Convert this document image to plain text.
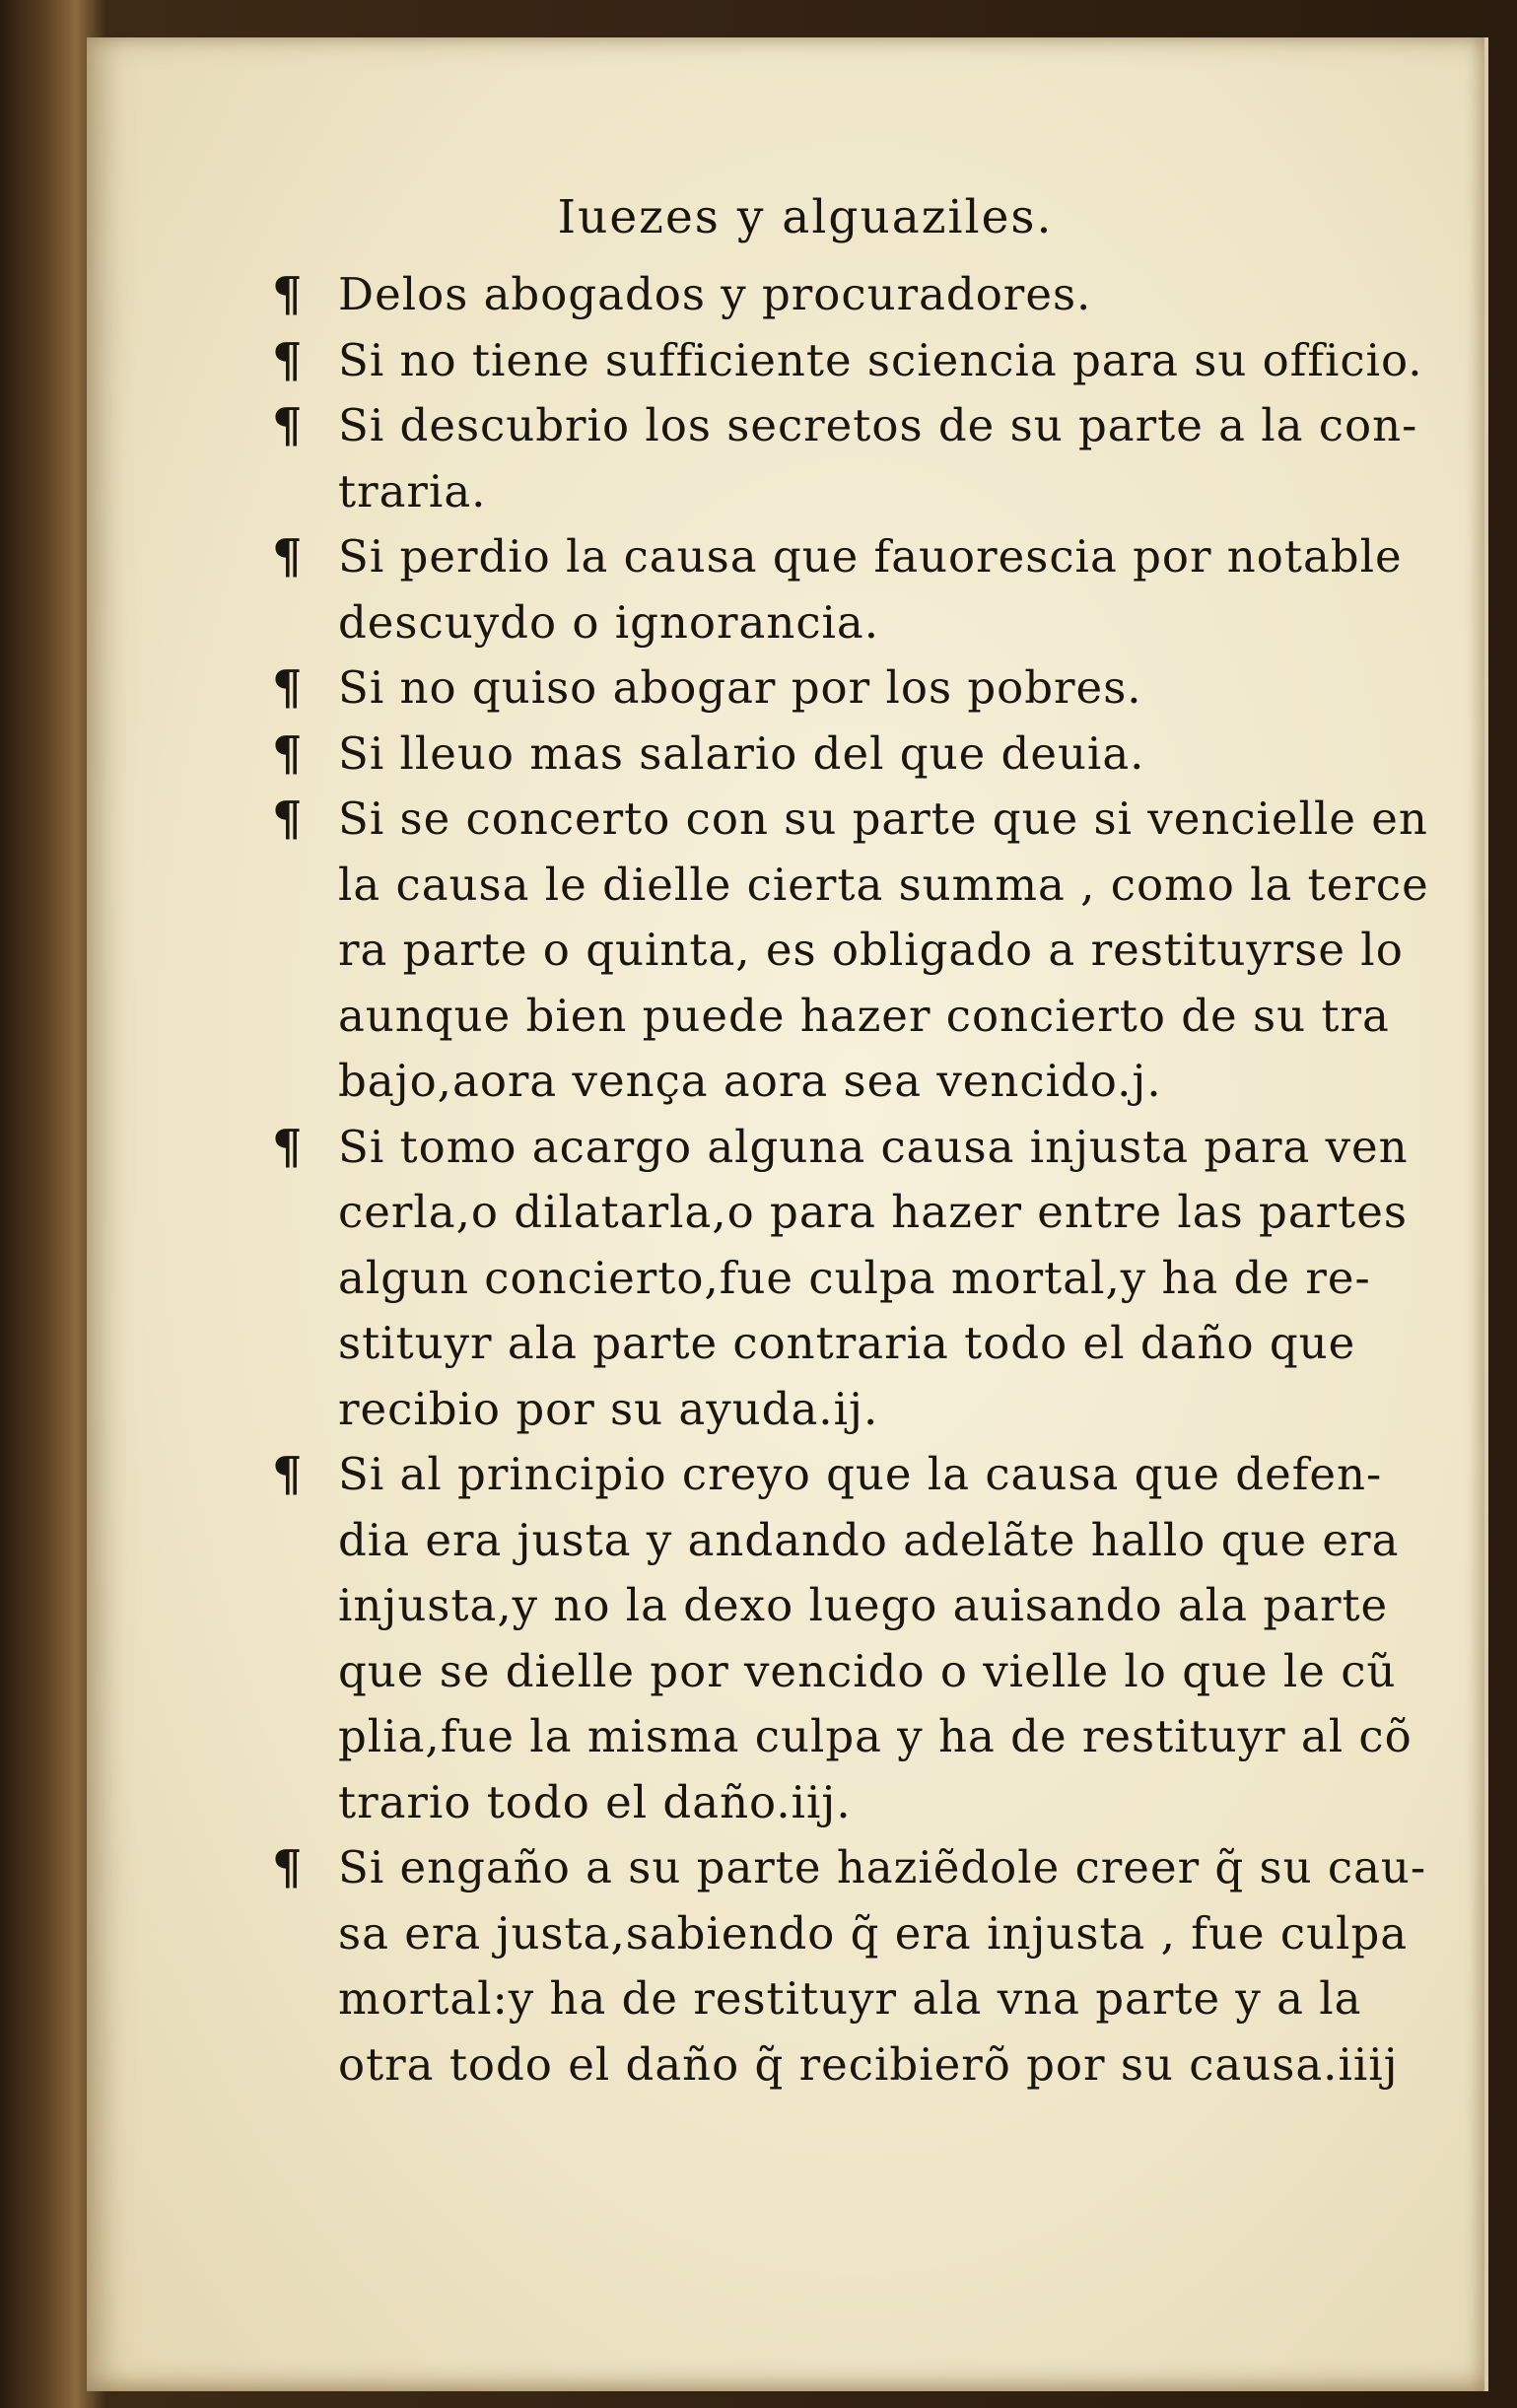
Iuezes y alguaziles.
¶ Delos abogados y procuradores.
¶ Si no tiene sufficiente sciencia para su officio.
¶ Si descubrio los secretos de su parte a la con-
traria.
¶ Si perdio la causa que fauorescia por notable
descuydo o ignorancia.
¶ Si no quiso abogar por los pobres.
¶ Si lleuo mas salario del que deuia.
¶ Si se concerto con su parte que si vencielle en
la causa le dielle cierta summa , como la terce
ra parte o quinta, es obligado a restituyrse lo
aunque bien puede hazer concierto de su tra
bajo,aora vença aora sea vencido.j.
¶ Si tomo acargo alguna causa injusta para ven
cerla,o dilatarla,o para hazer entre las partes
algun concierto,fue culpa mortal,y ha de re-
stituyr ala parte contraria todo el daño que
recibio por su ayuda.ij.
¶ Si al principio creyo que la causa que defen-
dia era justa y andando adelãte hallo que era
injusta,y no la dexo luego auisando ala parte
que se dielle por vencido o vielle lo que le cũ
plia,fue la misma culpa y ha de restituyr al cõ
trario todo el daño.iij.
¶ Si engaño a su parte haziẽdole creer q̃ su cau-
sa era justa,sabiendo q̃ era injusta , fue culpa
mortal:y ha de restituyr ala vna parte y a la
otra todo el daño q̃ recibierõ por su causa.iiij
